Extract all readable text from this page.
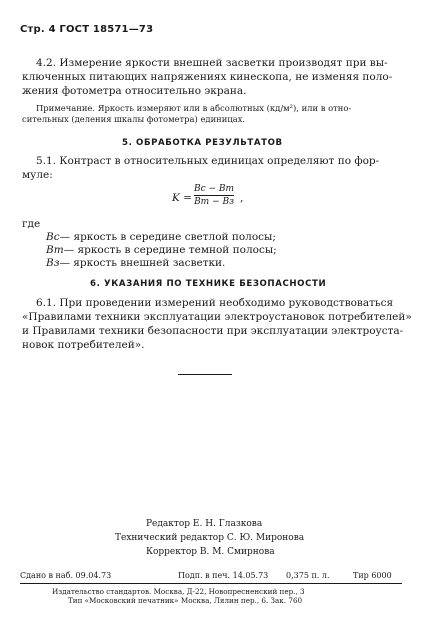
Стр. 4 ГОСТ 18571—73
4.2. Измерение яркости внешней засветки производят при вы-
ключенных питающих напряжениях кинескопа, не изменяя поло-
жения фотометра относительно экрана.
Примечание. Яркость измеряют или в абсолютных (кд/м²), или в отно-
сительных (деления шкалы фотометра) единицах.
5. ОБРАБОТКА РЕЗУЛЬТАТОВ
5.1. Контраст в относительных единицах определяют по фор-
муле:
K =
Bс − Bт
Bт − Bз ,
где
Bс— яркость в середине светлой полосы;
Bт— яркость в середине темной полосы;
Bз— яркость внешней засветки.
6. УКАЗАНИЯ ПО ТЕХНИКЕ БЕЗОПАСНОСТИ
6.1. При проведении измерений необходимо руководствоваться
«Правилами техники эксплуатации электроустановок потребителей»
и Правилами техники безопасности при эксплуатации электроуста-
новок потребителей».
Редактор Е. Н. Глазкова
Технический редактор С. Ю. Миронова
Корректор В. М. Смирнова
Сдано в наб. 09.04.73	Подп. в печ. 14.05.73 0,375 п. л.	Тир 6000
Издательство стандартов. Москва, Д-22, Новопресненский пер., 3
Тип «Московский печатник» Москва, Лялин пер., 6. Зак. 760
